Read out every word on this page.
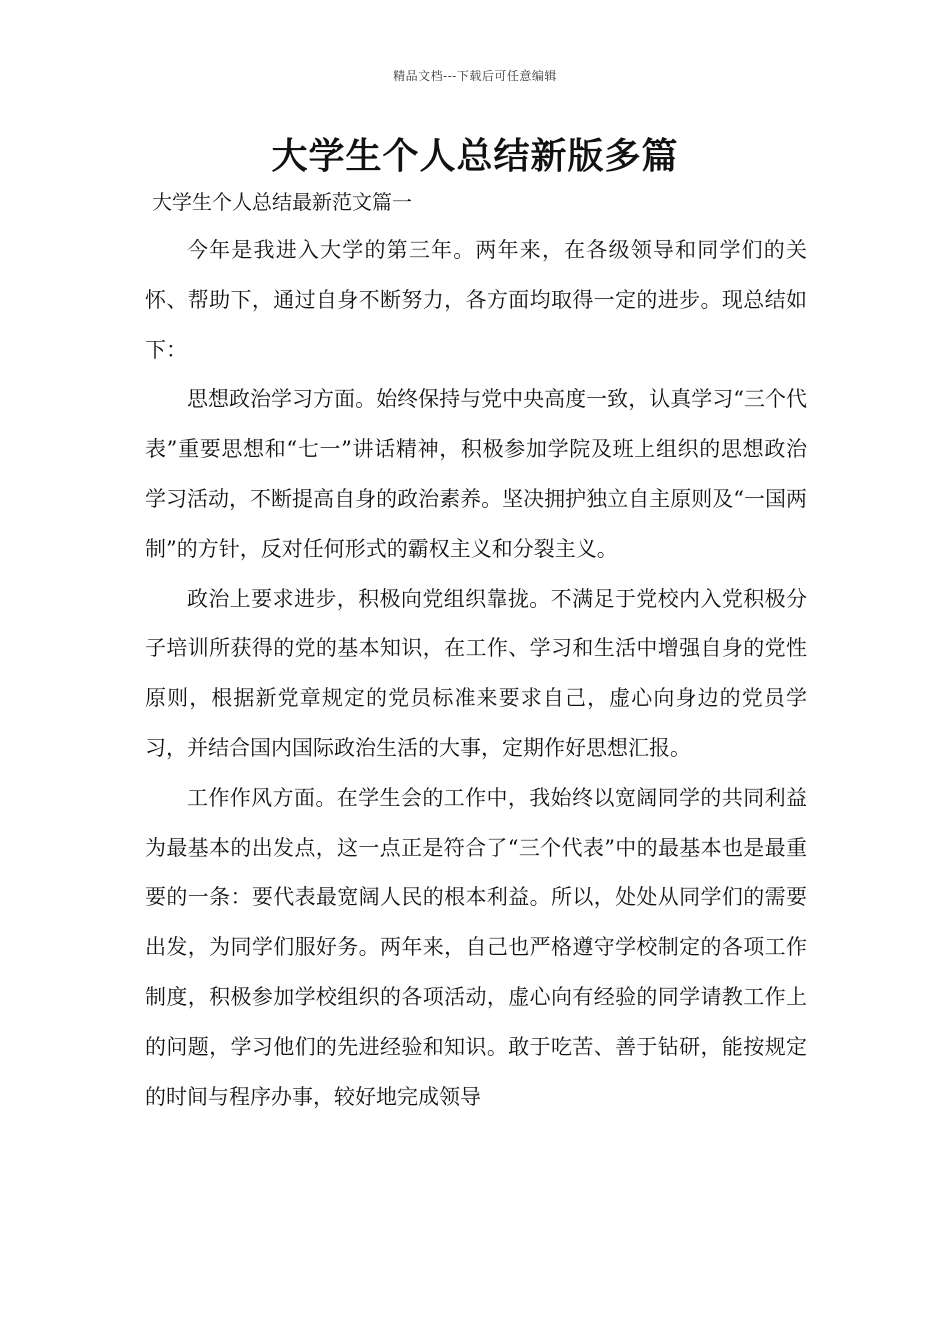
精品文档---下载后可任意编辑
大学生个人总结新版多篇
大学生个人总结最新范文篇一

今年是我进入大学的第三年。两年来，在各级领导和同学们的关怀、帮助下，通过自身不断努力，各方面均取得一定的进步。现总结如下：

思想政治学习方面。始终保持与党中央高度一致，认真学习“三个代表”重要思想和“七一”讲话精神，积极参加学院及班上组织的思想政治学习活动，不断提高自身的政治素养。坚决拥护独立自主原则及“一国两制”的方针，反对任何形式的霸权主义和分裂主义。

政治上要求进步，积极向党组织靠拢。不满足于党校内入党积极分子培训所获得的党的基本知识，在工作、学习和生活中增强自身的党性原则，根据新党章规定的党员标准来要求自己，虚心向身边的党员学习，并结合国内国际政治生活的大事，定期作好思想汇报。

工作作风方面。在学生会的工作中，我始终以宽阔同学的共同利益为最基本的出发点，这一点正是符合了“三个代表”中的最基本也是最重要的一条：要代表最宽阔人民的根本利益。所以，处处从同学们的需要出发，为同学们服好务。两年来，自己也严格遵守学校制定的各项工作制度，积极参加学校组织的各项活动，虚心向有经验的同学请教工作上的问题，学习他们的先进经验和知识。敢于吃苦、善于钻研，能按规定的时间与程序办事，较好地完成领导
